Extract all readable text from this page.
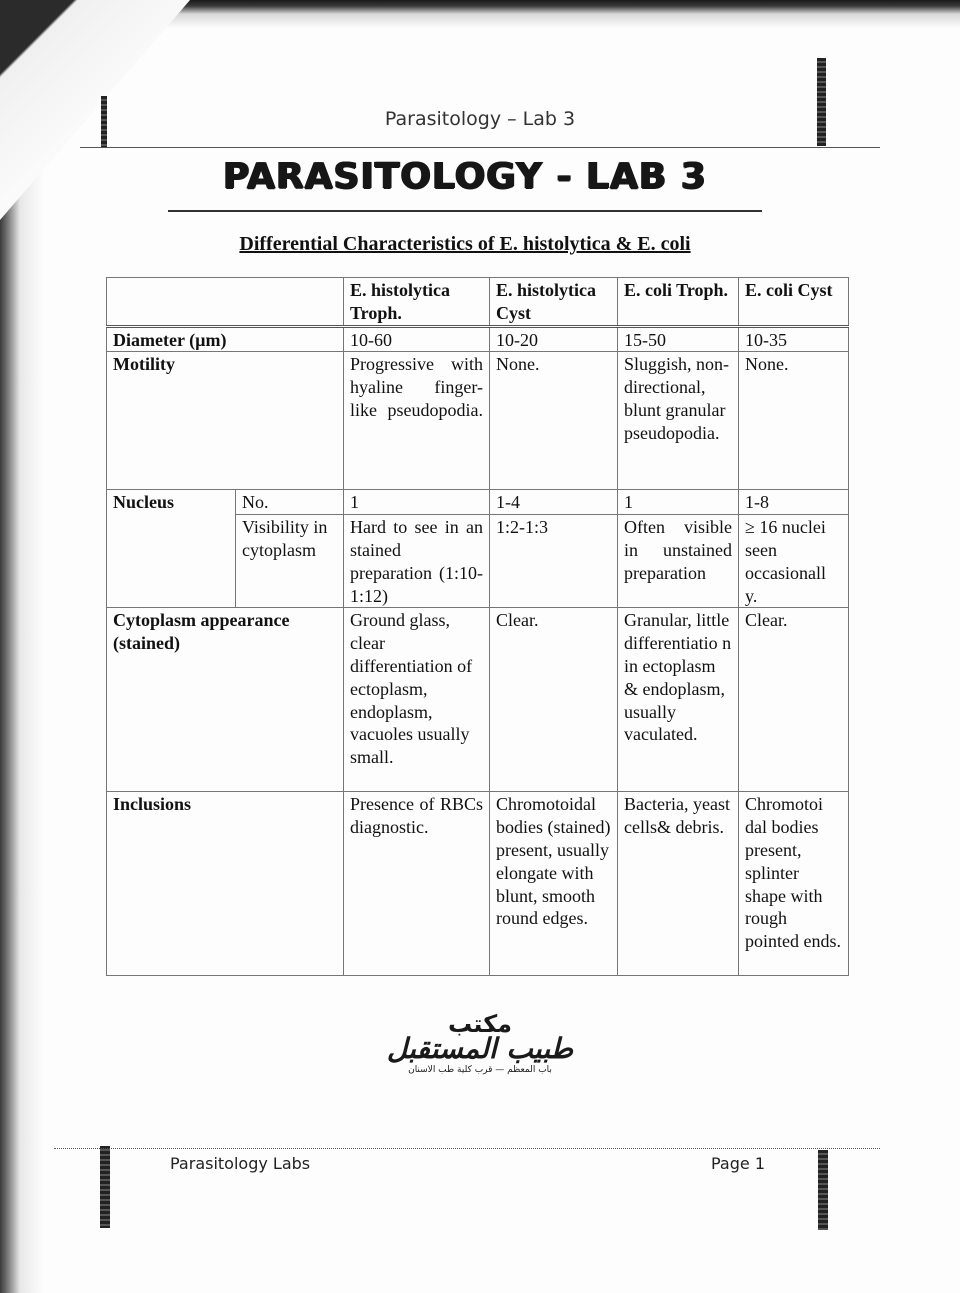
Parasitology – Lab 3
PARASITOLOGY - LAB 3
Differential Characteristics of E. histolytica & E. coli
		E. histolytica Troph.	E. histolytica Cyst	E. coli Troph.	E. coli Cyst
Diameter (µm)		10-60	10-20	15-50	10-35
Motility		Progressive with hyaline finger-like pseudopodia.	None.	Sluggish, non-directional, blunt granular pseudopodia.	None.
Nucleus	No.	1	1-4	1	1-8
	Visibility in cytoplasm	Hard to see in an stained preparation (1:10-1:12)	1:2-1:3	Often visible in unstained preparation	≥ 16 nuclei seen occasionall y.
Cytoplasm appearance (stained)		Ground glass, clear differentiation of ectoplasm, endoplasm, vacuoles usually small.	Clear.	Granular, little differentiatio n in ectoplasm & endoplasm, usually vaculated.	Clear.
Inclusions		Presence of RBCs diagnostic.	Chromotoidal bodies (stained) present, usually elongate with blunt, smooth round edges.	Bacteria, yeast cells& debris.	Chromotoi dal bodies present, splinter shape with rough pointed ends.
مكتب
طبيب المستقبل
باب المعظم — قرب كلية طب الاسنان
Parasitology Labs	Page 1
